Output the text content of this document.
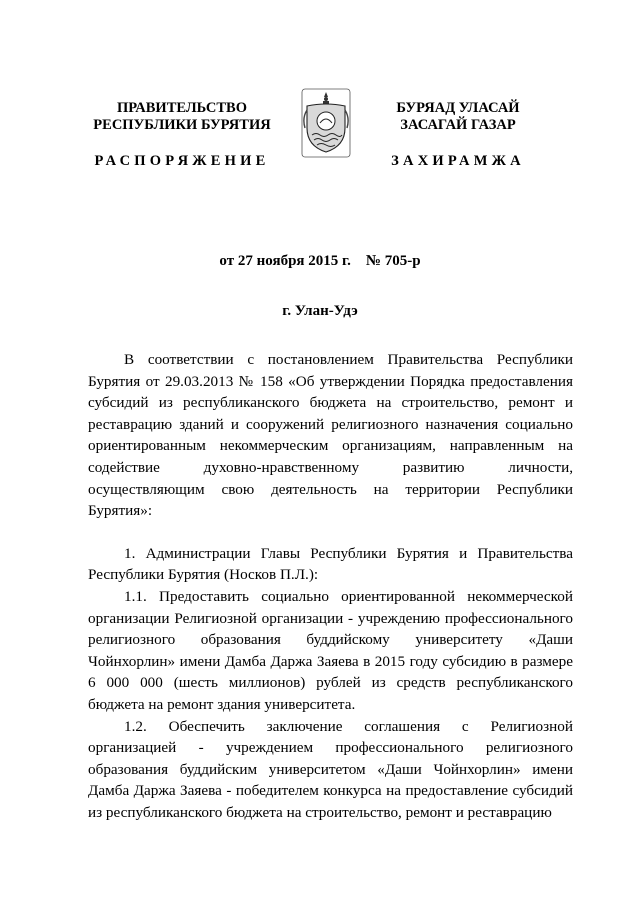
ПРАВИТЕЛЬСТВО
РЕСПУБЛИКИ БУРЯТИЯ
РАСПОРЯЖЕНИЕ
БУРЯАД УЛАСАЙ
ЗАСАГАЙ ГАЗАР
ЗАХИРАМЖА
от 27 ноября 2015 г.    № 705-р
г. Улан-Удэ

В соответствии с постановлением Правительства Республики Бурятия от 29.03.2013 № 158 «Об утверждении Порядка предоставления субсидий из республиканского бюджета на строительство, ремонт и реставрацию зданий и сооружений религиозного назначения социально ориентированным некоммерческим организациям, направленным на содействие духовно-нравственному развитию личности, осуществляющим свою деятельность на территории Республики Бурятия»:

1. Администрации Главы Республики Бурятия и Правительства Республики Бурятия (Носков П.Л.):

1.1. Предоставить социально ориентированной некоммерческой организации Религиозной организации - учреждению профессионального религиозного образования буддийскому университету «Даши Чойнхорлин» имени Дамба Даржа Заяева в 2015 году субсидию в размере 6 000 000 (шесть миллионов) рублей из средств республиканского бюджета на ремонт здания университета.

1.2. Обеспечить заключение соглашения с Религиозной организацией - учреждением профессионального религиозного образования буддийским университетом «Даши Чойнхорлин» имени Дамба Даржа Заяева - победителем конкурса на предоставление субсидий из республиканского бюджета на строительство, ремонт и реставрацию
